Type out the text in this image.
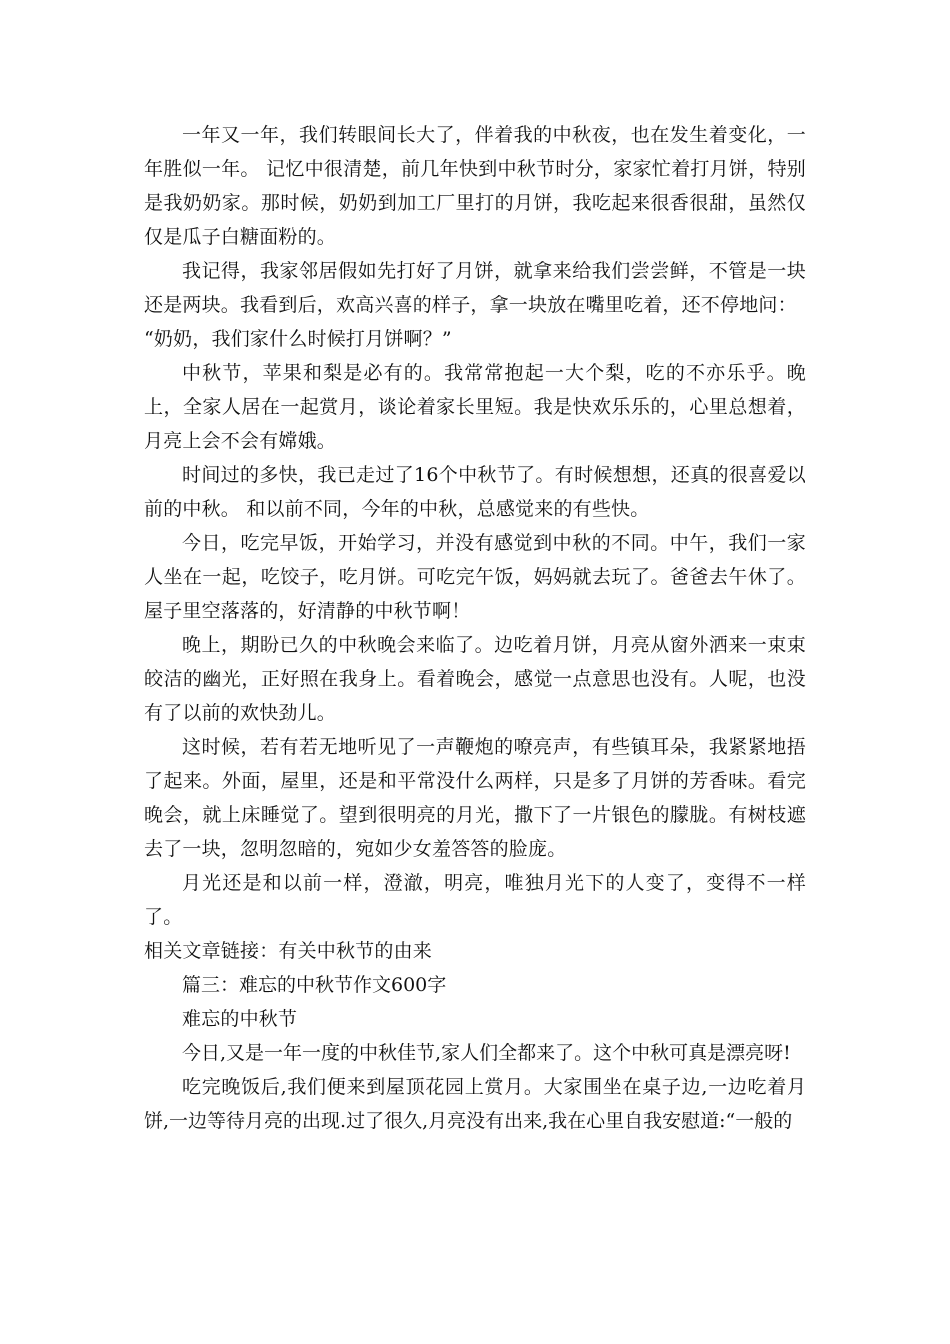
一年又一年，我们转眼间长大了，伴着我的中秋夜，也在发生着变化，一年胜似一年。 记忆中很清楚，前几年快到中秋节时分，家家忙着打月饼，特别是我奶奶家。那时候，奶奶到加工厂里打的月饼，我吃起来很香很甜，虽然仅仅是瓜子白糖面粉的。

我记得，我家邻居假如先打好了月饼，就拿来给我们尝尝鲜，不管是一块还是两块。我看到后，欢高兴喜的样子，拿一块放在嘴里吃着，还不停地问：

“奶奶，我们家什么时候打月饼啊？”

中秋节，苹果和梨是必有的。我常常抱起一大个梨，吃的不亦乐乎。晚上，全家人居在一起赏月，谈论着家长里短。我是快欢乐乐的，心里总想着，月亮上会不会有嫦娥。

时间过的多快，我已走过了16个中秋节了。有时候想想，还真的很喜爱以前的中秋。 和以前不同，今年的中秋，总感觉来的有些快。

今日，吃完早饭，开始学习，并没有感觉到中秋的不同。中午，我们一家人坐在一起，吃饺子，吃月饼。可吃完午饭，妈妈就去玩了。爸爸去午休了。屋子里空落落的，好清静的中秋节啊！

晚上，期盼已久的中秋晚会来临了。边吃着月饼，月亮从窗外洒来一束束皎洁的幽光，正好照在我身上。看着晚会，感觉一点意思也没有。人呢，也没有了以前的欢快劲儿。

这时候，若有若无地听见了一声鞭炮的嘹亮声，有些镇耳朵，我紧紧地捂了起来。外面，屋里，还是和平常没什么两样，只是多了月饼的芳香味。看完晚会，就上床睡觉了。望到很明亮的月光，撒下了一片银色的朦胧。有树枝遮去了一块，忽明忽暗的，宛如少女羞答答的脸庞。

月光还是和以前一样，澄澈，明亮，唯独月光下的人变了，变得不一样了。

相关文章链接：有关中秋节的由来

篇三：难忘的中秋节作文600字

难忘的中秋节

今日,又是一年一度的中秋佳节,家人们全都来了。这个中秋可真是漂亮呀!

吃完晚饭后,我们便来到屋顶花园上赏月。大家围坐在桌子边,一边吃着月饼,一边等待月亮的出现.过了很久,月亮没有出来,我在心里自我安慰道:“一般的
